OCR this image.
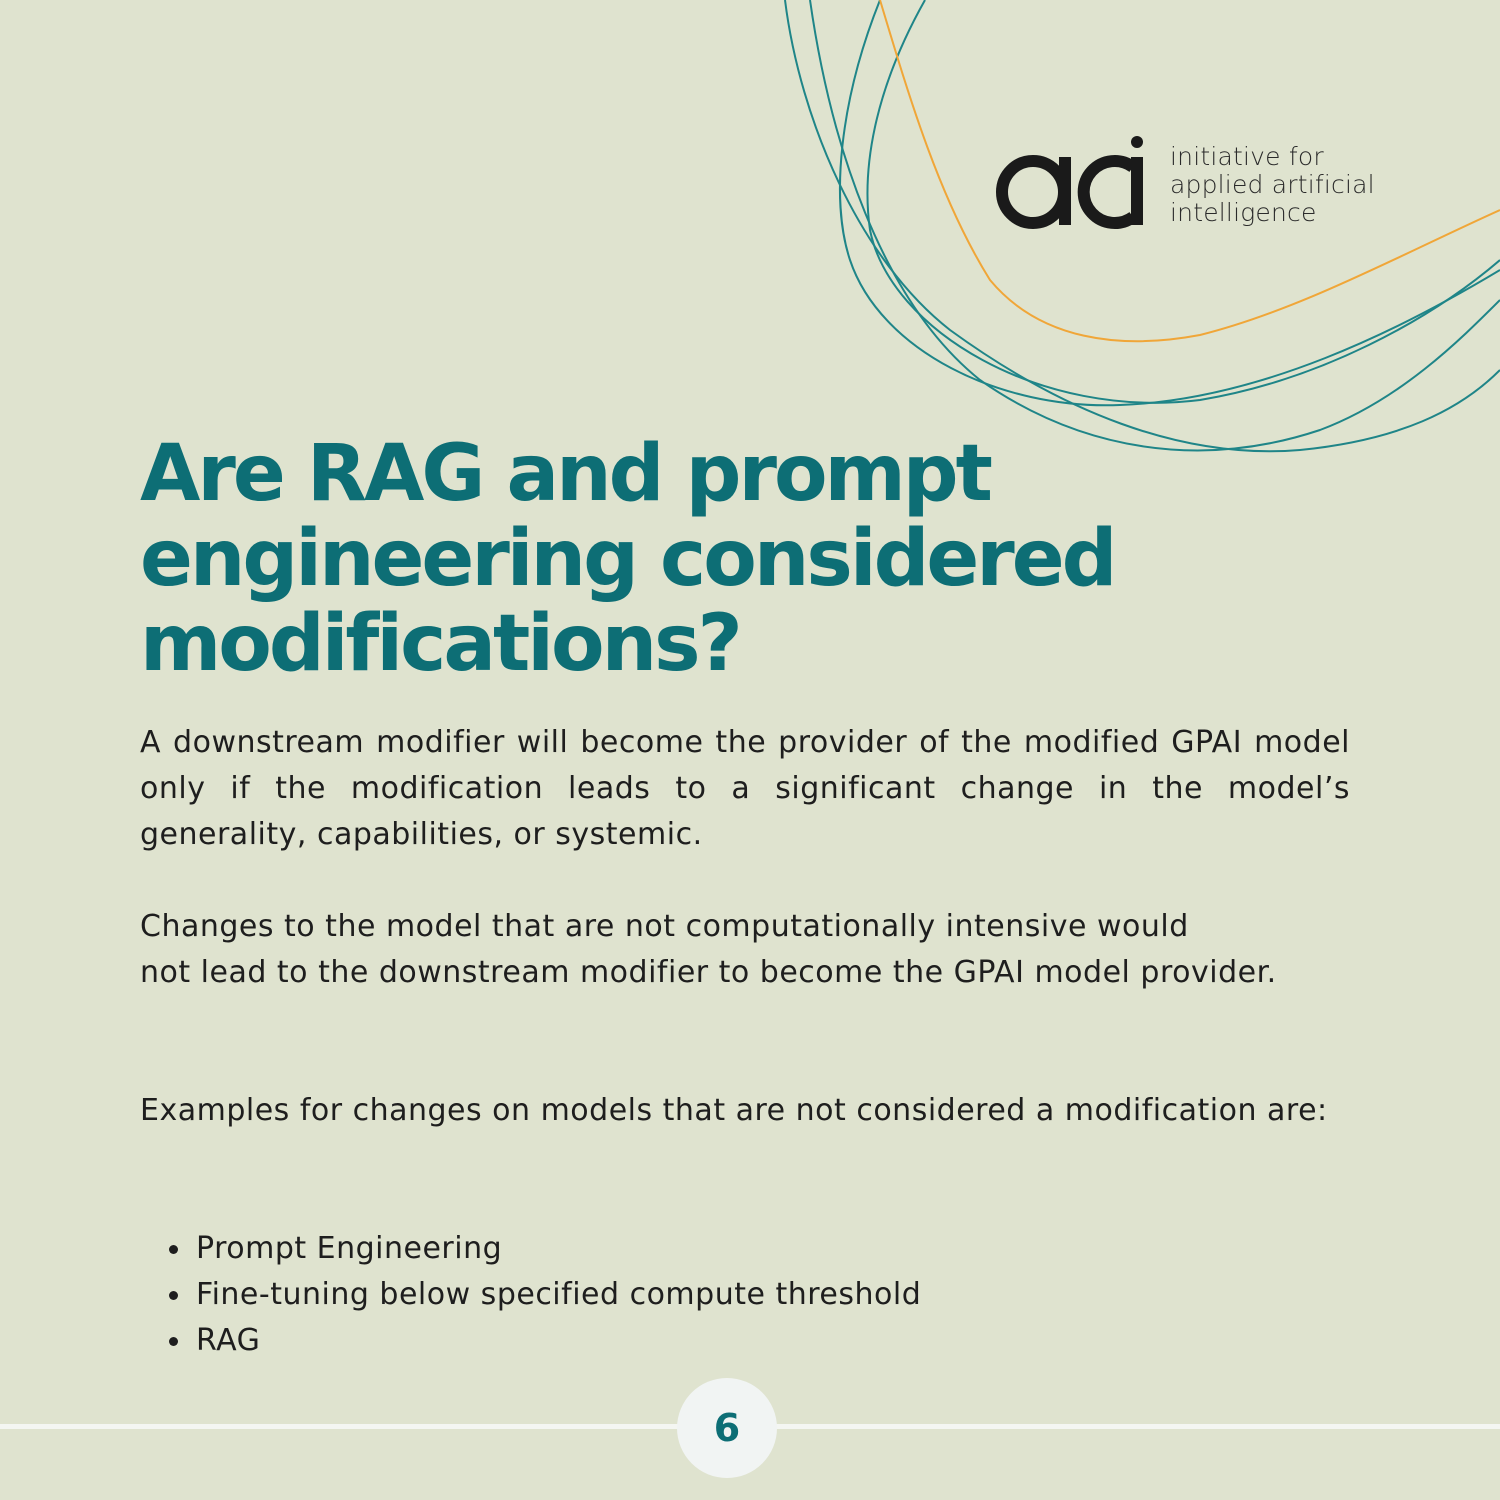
initiative for
applied artificial
intelligence
Are RAG and prompt
engineering considered
modifications?

A downstream modifier will become the provider of the modified GPAI model only if the modification leads to a significant change in the model’s generality, capabilities, or systemic.

Changes to the model that are not computationally intensive would
not lead to the downstream modifier to become the GPAI model provider.

Examples for changes on models that are not considered a modification are:

Prompt Engineering
Fine-tuning below specified compute threshold
RAG
6
